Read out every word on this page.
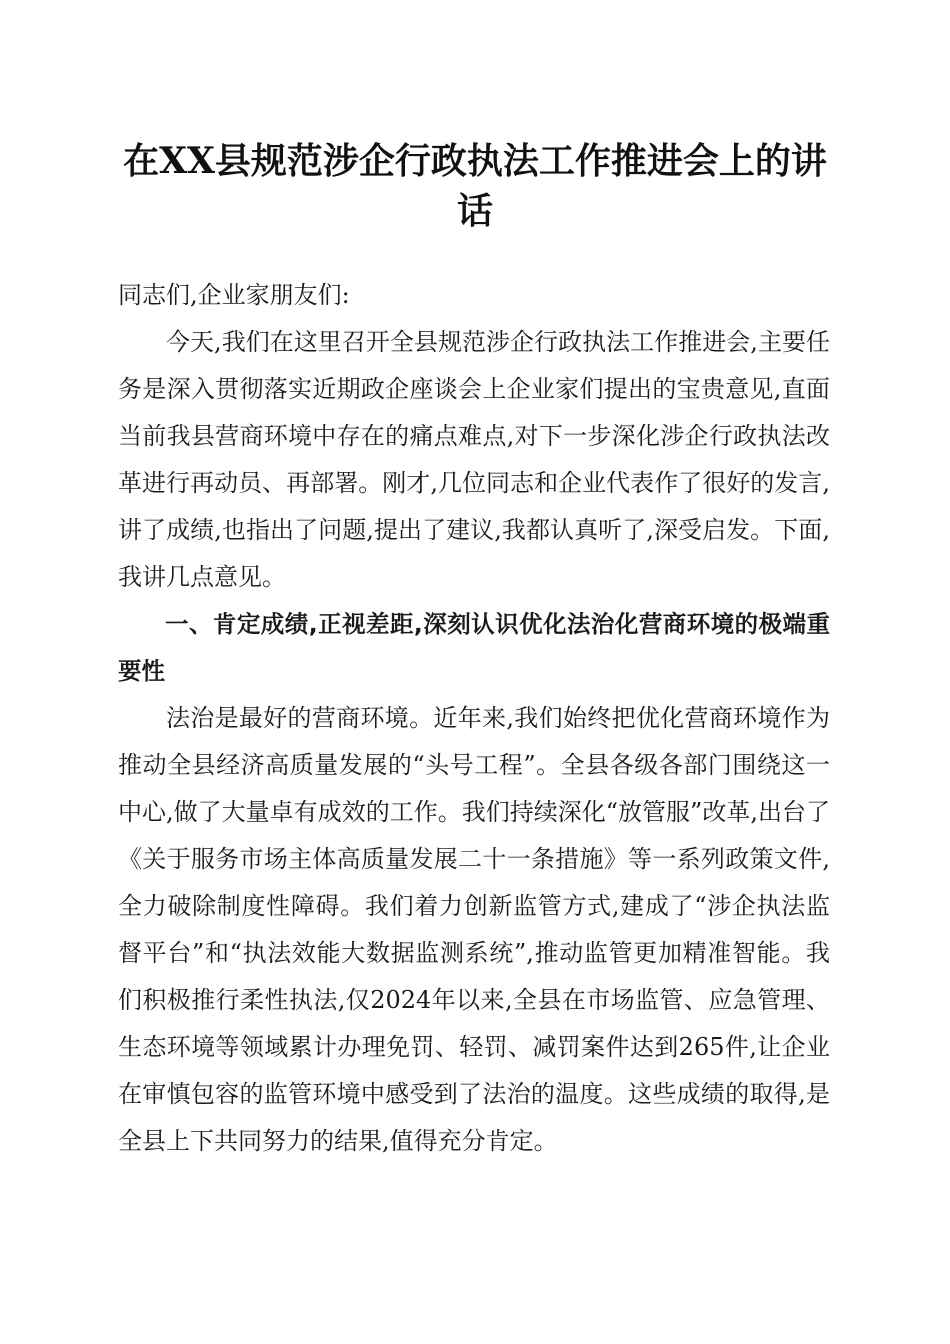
在XX县规范涉企行政执法工作推进会上的讲话

同志们,企业家朋友们:

今天,我们在这里召开全县规范涉企行政执法工作推进会,主要任务是深入贯彻落实近期政企座谈会上企业家们提出的宝贵意见,直面当前我县营商环境中存在的痛点难点,对下一步深化涉企行政执法改革进行再动员、再部署。刚才,几位同志和企业代表作了很好的发言,讲了成绩,也指出了问题,提出了建议,我都认真听了,深受启发。下面,我讲几点意见。

一、肯定成绩,正视差距,深刻认识优化法治化营商环境的极端重要性

法治是最好的营商环境。近年来,我们始终把优化营商环境作为推动全县经济高质量发展的“头号工程”。全县各级各部门围绕这一中心,做了大量卓有成效的工作。我们持续深化“放管服”改革,出台了《关于服务市场主体高质量发展二十一条措施》等一系列政策文件,全力破除制度性障碍。我们着力创新监管方式,建成了“涉企执法监督平台”和“执法效能大数据监测系统”,推动监管更加精准智能。我们积极推行柔性执法,仅2024年以来,全县在市场监管、应急管理、生态环境等领域累计办理免罚、轻罚、减罚案件达到265件,让企业在审慎包容的监管环境中感受到了法治的温度。这些成绩的取得,是全县上下共同努力的结果,值得充分肯定。
